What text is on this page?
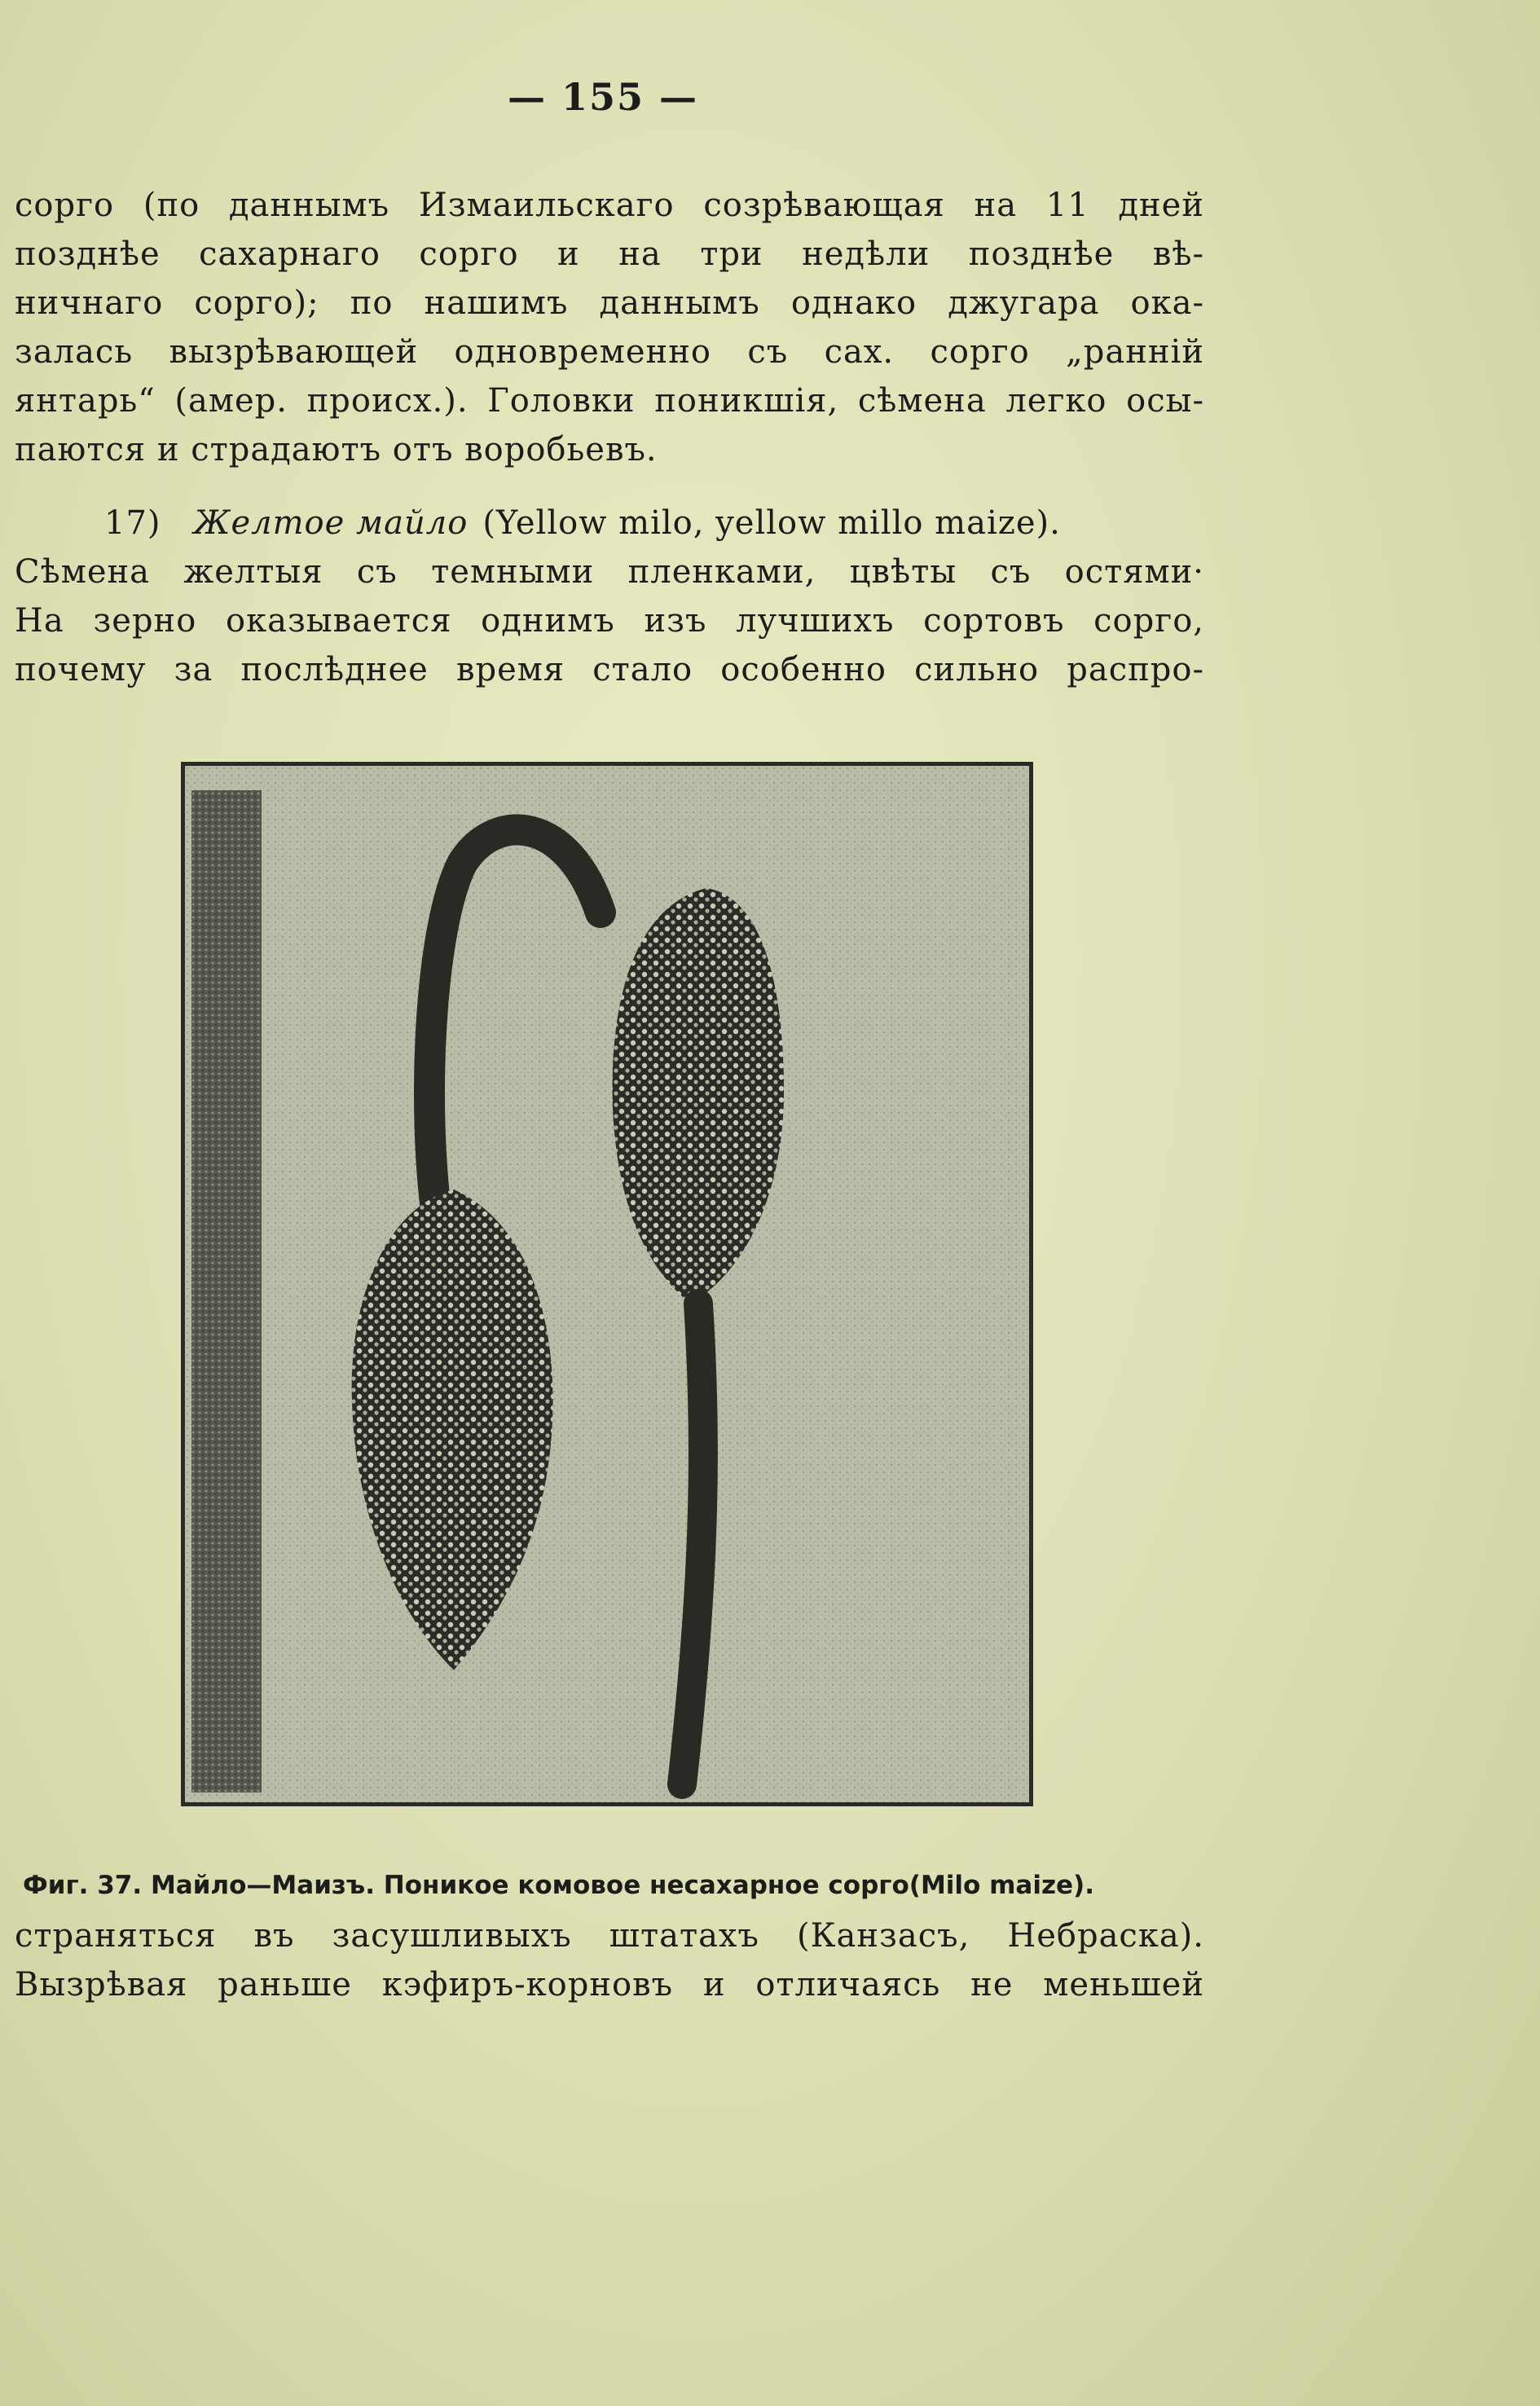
— 155 —
сорго (по даннымъ Измаильскаго созрѣвающая на 11 дней
позднѣе сахарнаго сорго и на три недѣли позднѣе вѣ-
ничнаго сорго); по нашимъ даннымъ однако джугара ока-
залась вызрѣвающей одновременно съ сах. сорго „ранній
янтарь“ (амер. происх.). Головки поникшія, сѣмена легко осы-
паются и страдаютъ отъ воробьевъ.
17) Желтое майло (Yellow milo, yellow millo maize).
Сѣмена желтыя съ темными пленками, цвѣты съ остями·
На зерно оказывается однимъ изъ лучшихъ сортовъ сорго,
почему за послѣднее время стало особенно сильно распро-
Фиг. 37. Майло—Маизъ. Поникое комовое несахарное сорго(Milo maize).
страняться въ засушливыхъ штатахъ (Канзасъ, Небраска).
Вызрѣвая раньше кэфиръ-корновъ и отличаясь не меньшей
